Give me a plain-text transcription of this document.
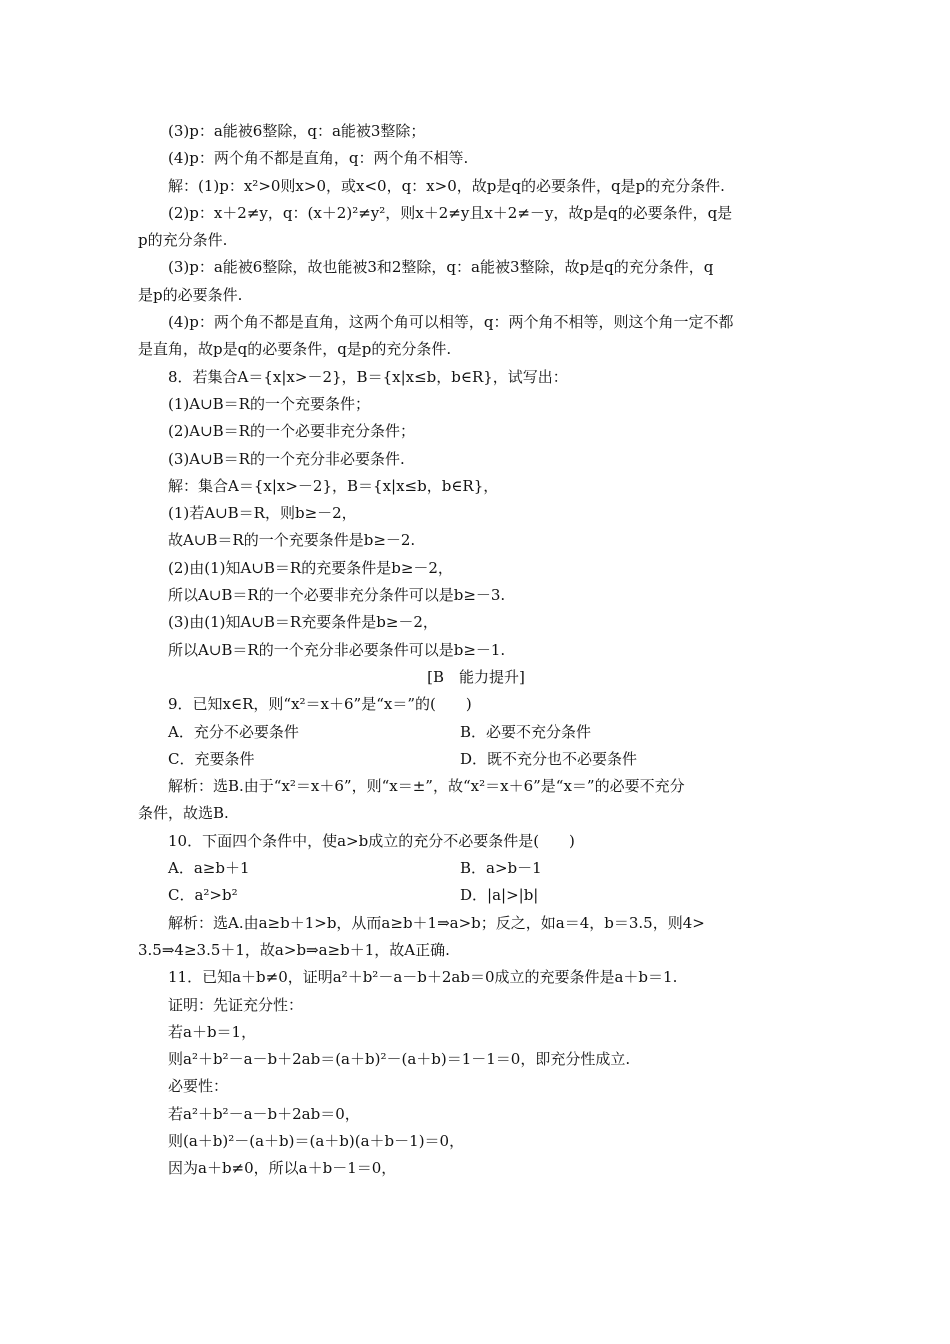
(3)p：a能被6整除，q：a能被3整除；
(4)p：两个角不都是直角，q：两个角不相等.
解：(1)p：x²>0则x>0，或x<0，q：x>0，故p是q的必要条件，q是p的充分条件.
(2)p：x＋2≠y，q：(x＋2)²≠y²，则x＋2≠y且x＋2≠－y，故p是q的必要条件，q是
p的充分条件.
(3)p：a能被6整除，故也能被3和2整除，q：a能被3整除，故p是q的充分条件，q
是p的必要条件.
(4)p：两个角不都是直角，这两个角可以相等，q：两个角不相等，则这个角一定不都
是直角，故p是q的必要条件，q是p的充分条件.
8．若集合A＝{x|x>－2}，B＝{x|x≤b，b∈R}，试写出：
(1)A∪B＝R的一个充要条件；
(2)A∪B＝R的一个必要非充分条件；
(3)A∪B＝R的一个充分非必要条件.
解：集合A＝{x|x>－2}，B＝{x|x≤b，b∈R}，
(1)若A∪B＝R，则b≥－2，
故A∪B＝R的一个充要条件是b≥－2.
(2)由(1)知A∪B＝R的充要条件是b≥－2，
所以A∪B＝R的一个必要非充分条件可以是b≥－3.
(3)由(1)知A∪B＝R充要条件是b≥－2，
所以A∪B＝R的一个充分非必要条件可以是b≥－1.
[B　能力提升]
9．已知x∈R，则“x²＝x＋6”是“x＝”的(　　)
A．充分不必要条件	B．必要不充分条件
C．充要条件	D．既不充分也不必要条件
解析：选B.由于“x²＝x＋6”，则“x＝±”，故“x²＝x＋6”是“x＝”的必要不充分
条件，故选B.
10．下面四个条件中，使a>b成立的充分不必要条件是(　　)
A．a≥b＋1	B．a>b－1
C．a²>b²	D．|a|>|b|
解析：选A.由a≥b＋1>b，从而a≥b＋1⇒a>b；反之，如a＝4，b＝3.5，则4>
3.5⇒4≥3.5＋1，故a>b⇒a≥b＋1，故A正确.
11．已知a＋b≠0，证明a²＋b²－a－b＋2ab＝0成立的充要条件是a＋b＝1.
证明：先证充分性：
若a＋b＝1，
则a²＋b²－a－b＋2ab＝(a＋b)²－(a＋b)＝1－1＝0，即充分性成立.
必要性：
若a²＋b²－a－b＋2ab＝0，
则(a＋b)²－(a＋b)＝(a＋b)(a＋b－1)＝0，
因为a＋b≠0，所以a＋b－1＝0，
